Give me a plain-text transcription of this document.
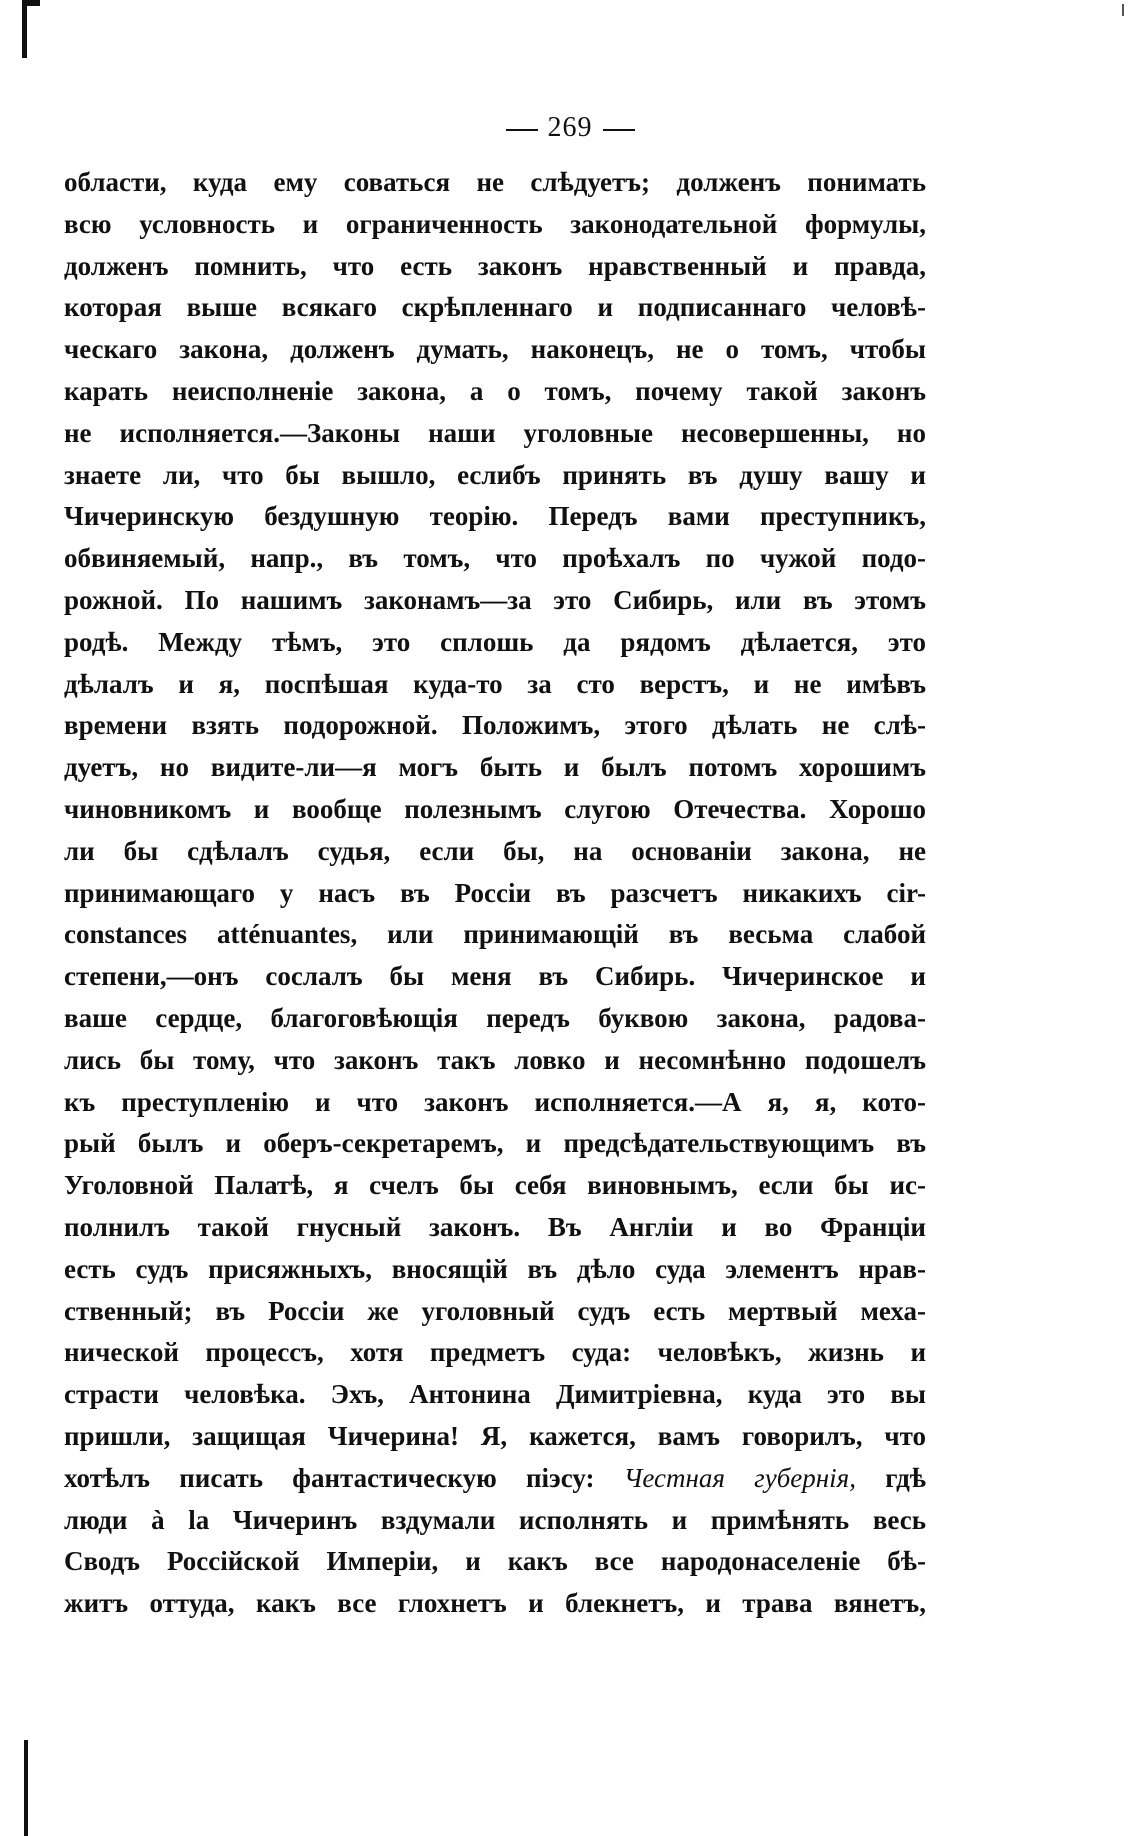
269
области, куда ему соваться не слѣдуетъ; долженъ понимать
всю условность и ограниченность законодательной формулы,
долженъ помнить, что есть законъ нравственный и правда,
которая выше всякаго скрѣпленнаго и подписаннаго человѣ-
ческаго закона, долженъ думать, наконецъ, не о томъ, чтобы
карать неисполненіе закона, а о томъ, почему такой законъ
не исполняется.—Законы наши уголовные несовершенны, но
знаете ли, что бы вышло, еслибъ принять въ душу вашу и
Чичеринскую бездушную теорію. Передъ вами преступникъ,
обвиняемый, напр., въ томъ, что проѣхалъ по чужой подо-
рожной. По нашимъ законамъ—за это Сибирь, или въ этомъ
родѣ. Между тѣмъ, это сплошь да рядомъ дѣлается, это
дѣлалъ и я, поспѣшая куда-то за сто верстъ, и не имѣвъ
времени взять подорожной. Положимъ, этого дѣлать не слѣ-
дуетъ, но видите-ли—я могъ быть и былъ потомъ хорошимъ
чиновникомъ и вообще полезнымъ слугою Отечества. Хорошо
ли бы сдѣлалъ судья, если бы, на основаніи закона, не
принимающаго у насъ въ Россіи въ разсчетъ никакихъ cir-
constances atténuantes, или принимающій въ весьма слабой
степени,—онъ сослалъ бы меня въ Сибирь. Чичеринское и
ваше сердце, благоговѣющія передъ буквою закона, радова-
лись бы тому, что законъ такъ ловко и несомнѣнно подошелъ
къ преступленію и что законъ исполняется.—А я, я, кото-
рый былъ и оберъ-секретаремъ, и предсѣдательствующимъ въ
Уголовной Палатѣ, я счелъ бы себя виновнымъ, если бы ис-
полнилъ такой гнусный законъ. Въ Англіи и во Франціи
есть судъ присяжныхъ, вносящій въ дѣло суда элементъ нрав-
ственный; въ Россіи же уголовный судъ есть мертвый меха-
нической процессъ, хотя предметъ суда: человѣкъ, жизнь и
страсти человѣка. Эхъ, Антонина Димитріевна, куда это вы
пришли, защищая Чичерина! Я, кажется, вамъ говорилъ, что
хотѣлъ писать фантастическую піэсу: Честная губернія, гдѣ
люди à la Чичеринъ вздумали исполнять и примѣнять весь
Сводъ Россійской Имперіи, и какъ все народонаселеніе бѣ-
житъ оттуда, какъ все глохнетъ и блекнетъ, и трава вянетъ,
